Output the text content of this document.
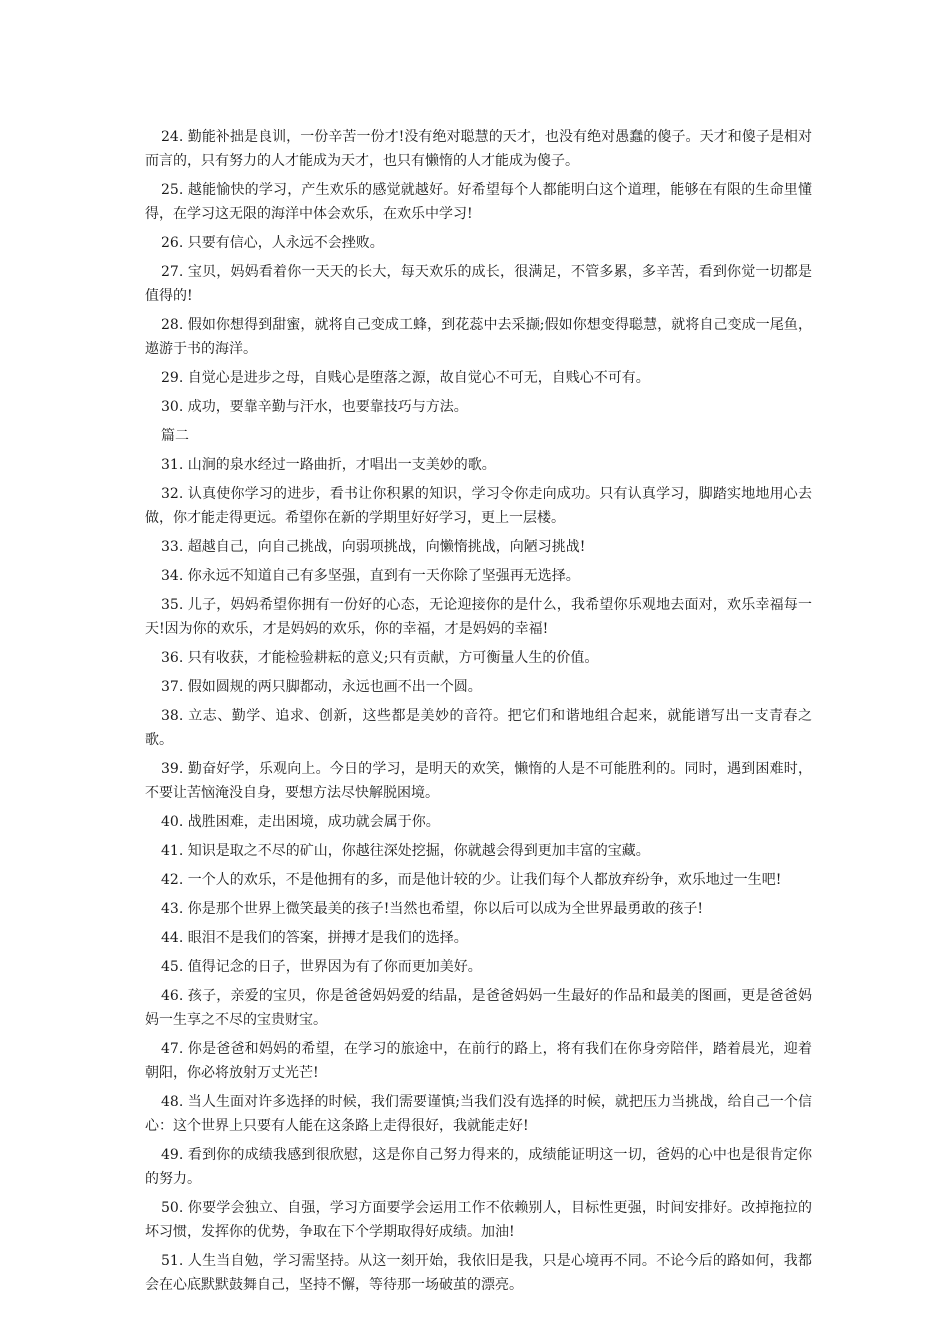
24. 勤能补拙是良训，一份辛苦一份才!没有绝对聪慧的天才，也没有绝对愚蠢的傻子。天才和傻子是相对而言的，只有努力的人才能成为天才，也只有懒惰的人才能成为傻子。

25. 越能愉快的学习，产生欢乐的感觉就越好。好希望每个人都能明白这个道理，能够在有限的生命里懂得，在学习这无限的海洋中体会欢乐，在欢乐中学习!

26. 只要有信心，人永远不会挫败。

27. 宝贝，妈妈看着你一天天的长大，每天欢乐的成长，很满足，不管多累，多辛苦，看到你觉一切都是值得的!

28. 假如你想得到甜蜜，就将自己变成工蜂，到花蕊中去采撷;假如你想变得聪慧，就将自己变成一尾鱼，遨游于书的海洋。

29. 自觉心是进步之母，自贱心是堕落之源，故自觉心不可无，自贱心不可有。

30. 成功，要靠辛勤与汗水，也要靠技巧与方法。

篇二

31. 山涧的泉水经过一路曲折，才唱出一支美妙的歌。

32. 认真使你学习的进步，看书让你积累的知识，学习令你走向成功。只有认真学习，脚踏实地地用心去做，你才能走得更远。希望你在新的学期里好好学习，更上一层楼。

33. 超越自己，向自己挑战，向弱项挑战，向懒惰挑战，向陋习挑战!

34. 你永远不知道自己有多坚强，直到有一天你除了坚强再无选择。

35. 儿子，妈妈希望你拥有一份好的心态，无论迎接你的是什么，我希望你乐观地去面对，欢乐幸福每一天!因为你的欢乐，才是妈妈的欢乐，你的幸福，才是妈妈的幸福!

36. 只有收获，才能检验耕耘的意义;只有贡献，方可衡量人生的价值。

37. 假如圆规的两只脚都动，永远也画不出一个圆。

38. 立志、勤学、追求、创新，这些都是美妙的音符。把它们和谐地组合起来，就能谱写出一支青春之歌。

39. 勤奋好学，乐观向上。今日的学习，是明天的欢笑，懒惰的人是不可能胜利的。同时，遇到困难时，不要让苦恼淹没自身，要想方法尽快解脱困境。

40. 战胜困难，走出困境，成功就会属于你。

41. 知识是取之不尽的矿山，你越往深处挖掘，你就越会得到更加丰富的宝藏。

42. 一个人的欢乐，不是他拥有的多，而是他计较的少。让我们每个人都放弃纷争，欢乐地过一生吧!

43. 你是那个世界上微笑最美的孩子!当然也希望，你以后可以成为全世界最勇敢的孩子!

44. 眼泪不是我们的答案，拼搏才是我们的选择。

45. 值得记念的日子，世界因为有了你而更加美好。

46. 孩子，亲爱的宝贝，你是爸爸妈妈爱的结晶，是爸爸妈妈一生最好的作品和最美的图画，更是爸爸妈妈一生享之不尽的宝贵财宝。

47. 你是爸爸和妈妈的希望，在学习的旅途中，在前行的路上，将有我们在你身旁陪伴，踏着晨光，迎着朝阳，你必将放射万丈光芒!

48. 当人生面对许多选择的时候，我们需要谨慎;当我们没有选择的时候，就把压力当挑战，给自己一个信心：这个世界上只要有人能在这条路上走得很好，我就能走好!

49. 看到你的成绩我感到很欣慰，这是你自己努力得来的，成绩能证明这一切，爸妈的心中也是很肯定你的努力。

50. 你要学会独立、自强，学习方面要学会运用工作不依赖别人，目标性更强，时间安排好。改掉拖拉的坏习惯，发挥你的优势，争取在下个学期取得好成绩。加油!

51. 人生当自勉，学习需坚持。从这一刻开始，我依旧是我，只是心境再不同。不论今后的路如何，我都会在心底默默鼓舞自己，坚持不懈，等待那一场破茧的漂亮。
